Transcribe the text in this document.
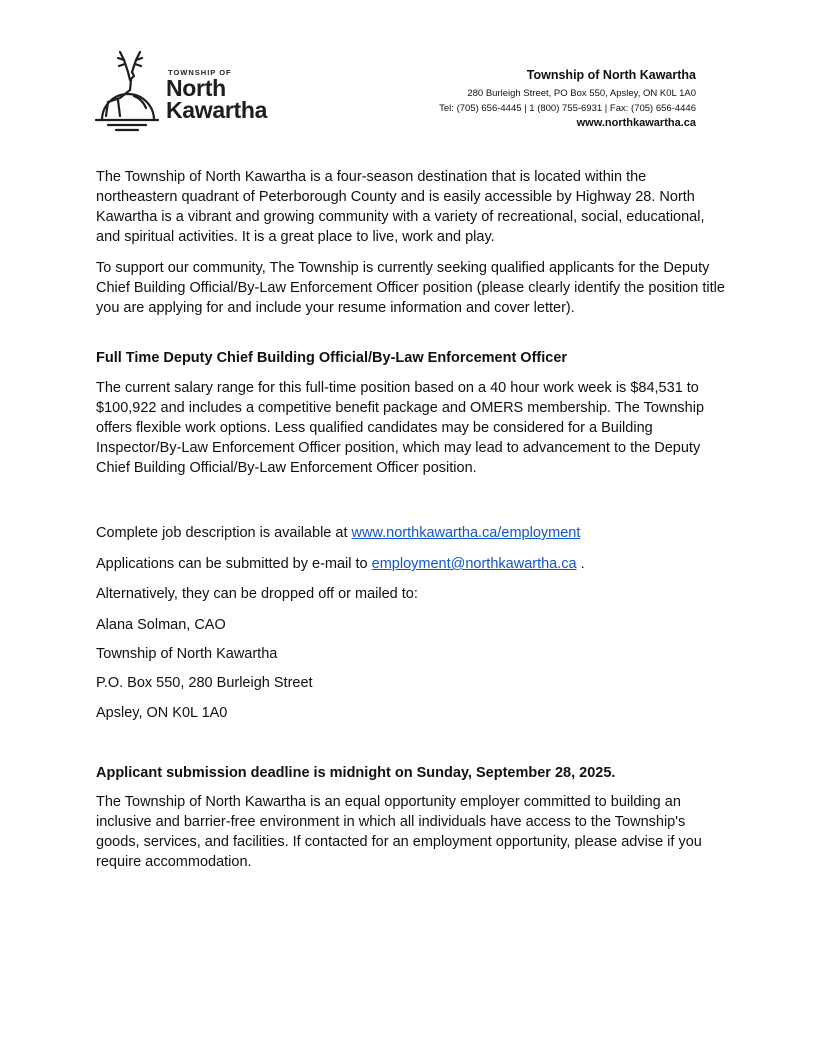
TOWNSHIP OF
North
Kawartha
Township of North Kawartha
280 Burleigh Street, PO Box 550, Apsley, ON K0L 1A0
Tel: (705) 656-4445 | 1 (800) 755-6931 | Fax: (705) 656-4446
www.northkawartha.ca

The Township of North Kawartha is a four-season destination that is located within the northeastern quadrant of Peterborough County and is easily accessible by Highway 28. North Kawartha is a vibrant and growing community with a variety of recreational, social, educational, and spiritual activities. It is a great place to live, work and play.

To support our community, The Township is currently seeking qualified applicants for the Deputy Chief Building Official/By-Law Enforcement Officer position (please clearly identify the position title you are applying for and include your resume information and cover letter).

Full Time Deputy Chief Building Official/By-Law Enforcement Officer

The current salary range for this full-time position based on a 40 hour work week is $84,531 to $100,922 and includes a competitive benefit package and OMERS membership. The Township offers flexible work options. Less qualified candidates may be considered for a Building Inspector/By-Law Enforcement Officer position, which may lead to advancement to the Deputy Chief Building Official/By-Law Enforcement Officer position.

Complete job description is available at www.northkawartha.ca/employment

Applications can be submitted by e-mail to employment@northkawartha.ca .

Alternatively, they can be dropped off or mailed to:

Alana Solman, CAO

Township of North Kawartha

P.O. Box 550, 280 Burleigh Street

Apsley, ON K0L 1A0

Applicant submission deadline is midnight on Sunday, September 28, 2025.

The Township of North Kawartha is an equal opportunity employer committed to building an inclusive and barrier-free environment in which all individuals have access to the Township's goods, services, and facilities. If contacted for an employment opportunity, please advise if you require accommodation.
